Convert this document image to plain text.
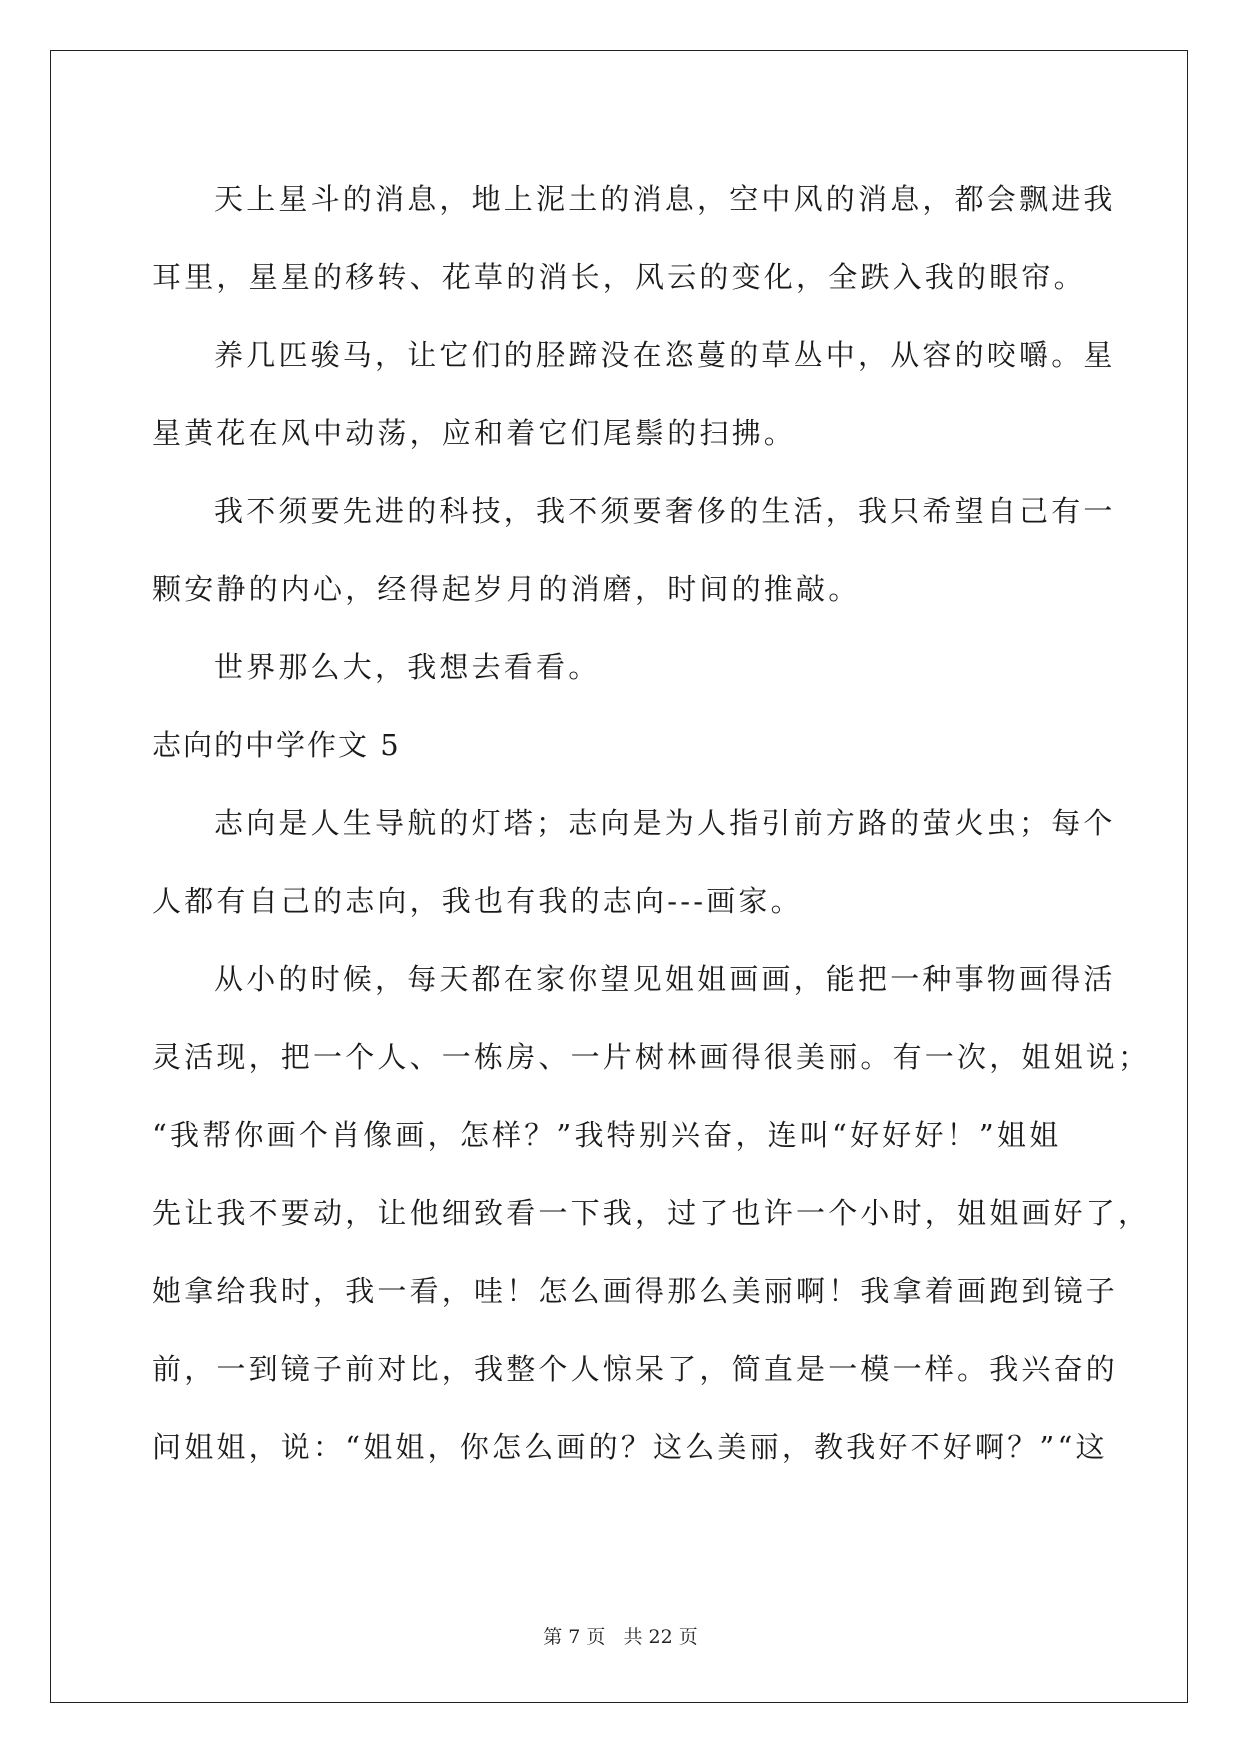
天上星斗的消息，地上泥土的消息，空中风的消息，都会飘进我
耳里，星星的移转、花草的消长，风云的变化，全跌入我的眼帘。
养几匹骏马，让它们的胫蹄没在恣蔓的草丛中，从容的咬嚼。星
星黄花在风中动荡，应和着它们尾鬃的扫拂。
我不须要先进的科技，我不须要奢侈的生活，我只希望自己有一
颗安静的内心，经得起岁月的消磨，时间的推敲。
世界那么大，我想去看看。
志向的中学作文 5
志向是人生导航的灯塔；志向是为人指引前方路的萤火虫；每个
人都有自己的志向，我也有我的志向---画家。
从小的时候，每天都在家你望见姐姐画画，能把一种事物画得活
灵活现，把一个人、一栋房、一片树林画得很美丽。有一次，姐姐说；
“我帮你画个肖像画，怎样？”我特别兴奋，连叫“好好好！”姐姐
先让我不要动，让他细致看一下我，过了也许一个小时，姐姐画好了，
她拿给我时，我一看，哇！怎么画得那么美丽啊！我拿着画跑到镜子
前，一到镜子前对比，我整个人惊呆了，简直是一模一样。我兴奋的
问姐姐，说：“姐姐，你怎么画的？这么美丽，教我好不好啊？”“这
第 7 页 共 22 页
